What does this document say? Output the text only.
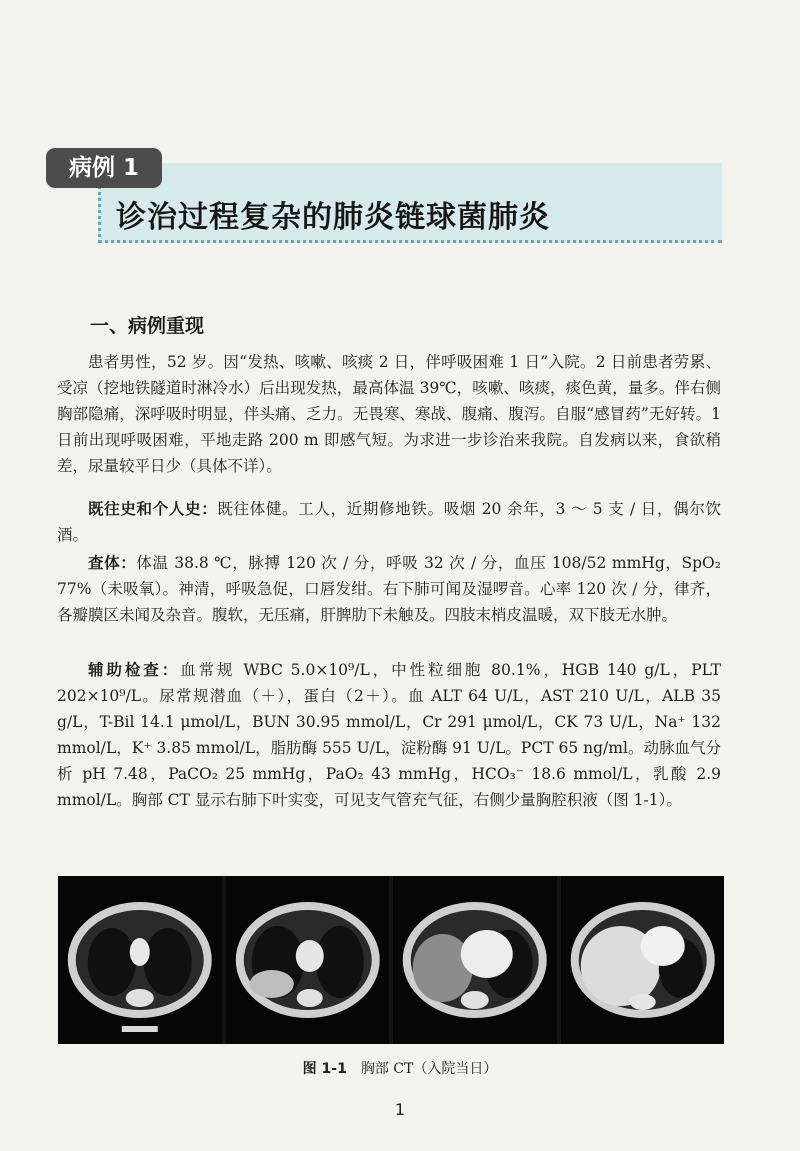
病例 1
诊治过程复杂的肺炎链球菌肺炎
一、病例重现

患者男性，52 岁。因“发热、咳嗽、咳痰 2 日，伴呼吸困难 1 日”入院。2 日前患者劳累、受凉（挖地铁隧道时淋冷水）后出现发热，最高体温 39℃，咳嗽、咳痰，痰色黄，量多。伴右侧胸部隐痛，深呼吸时明显，伴头痛、乏力。无畏寒、寒战、腹痛、腹泻。自服“感冒药”无好转。1 日前出现呼吸困难，平地走路 200 m 即感气短。为求进一步诊治来我院。自发病以来，食欲稍差，尿量较平日少（具体不详）。

既往史和个人史：既往体健。工人，近期修地铁。吸烟 20 余年，3 ～ 5 支 / 日，偶尔饮酒。

查体：体温 38.8 ℃，脉搏 120 次 / 分，呼吸 32 次 / 分，血压 108/52 mmHg，SpO₂ 77%（未吸氧）。神清，呼吸急促，口唇发绀。右下肺可闻及湿啰音。心率 120 次 / 分，律齐，各瓣膜区未闻及杂音。腹软，无压痛，肝脾肋下未触及。四肢末梢皮温暖，双下肢无水肿。

辅助检查：血常规 WBC 5.0×10⁹/L，中性粒细胞 80.1%，HGB 140 g/L，PLT 202×10⁹/L。尿常规潜血（＋），蛋白（2＋）。血 ALT 64 U/L，AST 210 U/L，ALB 35 g/L，T-Bil 14.1 μmol/L，BUN 30.95 mmol/L，Cr 291 μmol/L，CK 73 U/L，Na⁺ 132 mmol/L，K⁺ 3.85 mmol/L，脂肪酶 555 U/L，淀粉酶 91 U/L。PCT 65 ng/ml。动脉血气分析 pH 7.48，PaCO₂ 25 mmHg，PaO₂ 43 mmHg，HCO₃⁻ 18.6 mmol/L，乳酸 2.9 mmol/L。胸部 CT 显示右肺下叶实变，可见支气管充气征，右侧少量胸腔积液（图 1-1）。

图 1-1 胸部 CT（入院当日）
1
